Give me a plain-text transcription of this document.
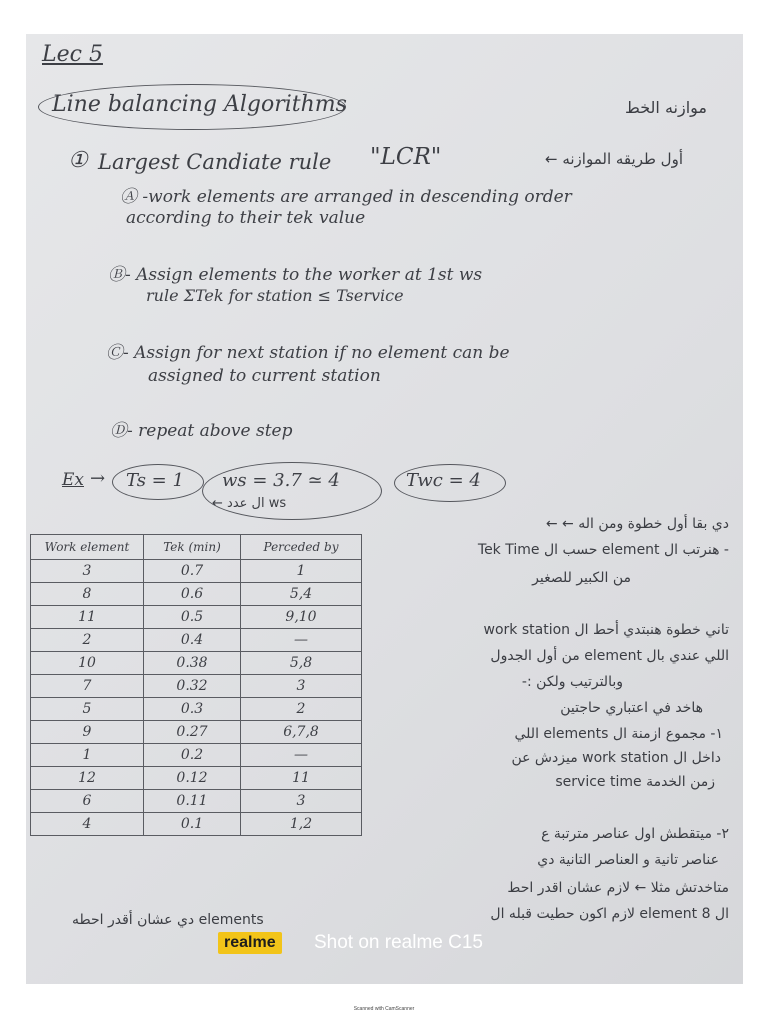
Lec 5
Line balancing Algorithms	موازنه الخط
① Largest Candiate rule "LCR"	أول طريقه الموازنه ←
Ⓐ -work elements are arranged in descending order
according to their tek value
Ⓑ- Assign elements to the worker at 1st ws
rule ΣTek for station ≤ Tservice
Ⓒ- Assign for next station if no element can be
assigned to current station
Ⓓ- repeat above step
Ex → Ts = 1 ws = 3.7 ≃ 4
ws ال عدد ←
Twc = 4
Work element	Tek (min)	Perceded by
3	0.7	1
8	0.6	5,4
11	0.5	9,10
2	0.4	—
10	0.38	5,8
7	0.32	3
5	0.3	2
9	0.27	6,7,8
1	0.2	—
12	0.12	11
6	0.11	3
4	0.1	1,2
دي بقا أول خطوة ومن اله ← ←
- هنرتب ال element حسب ال Tek Time
من الكبير للصغير
تاني خطوة هنبتدي أحط ال work station
اللي عندي بال element من أول الجدول
وبالترتيب ولكن :-
هاخد في اعتباري حاجتين
١- مجموع ازمنة ال elements اللي
داخل ال work station ميزدش عن
زمن الخدمة service time
٢- ميتقطش اول عناصر مترتبة ع
عناصر تانية و العناصر التانية دي
متاخدتش مثلا ← لازم عشان اقدر احط
ال element 8 لازم اكون حطيت قبله ال
elements دي عشان أقدر احطه
realme	Shot on realme C15
Scanned with CamScanner
